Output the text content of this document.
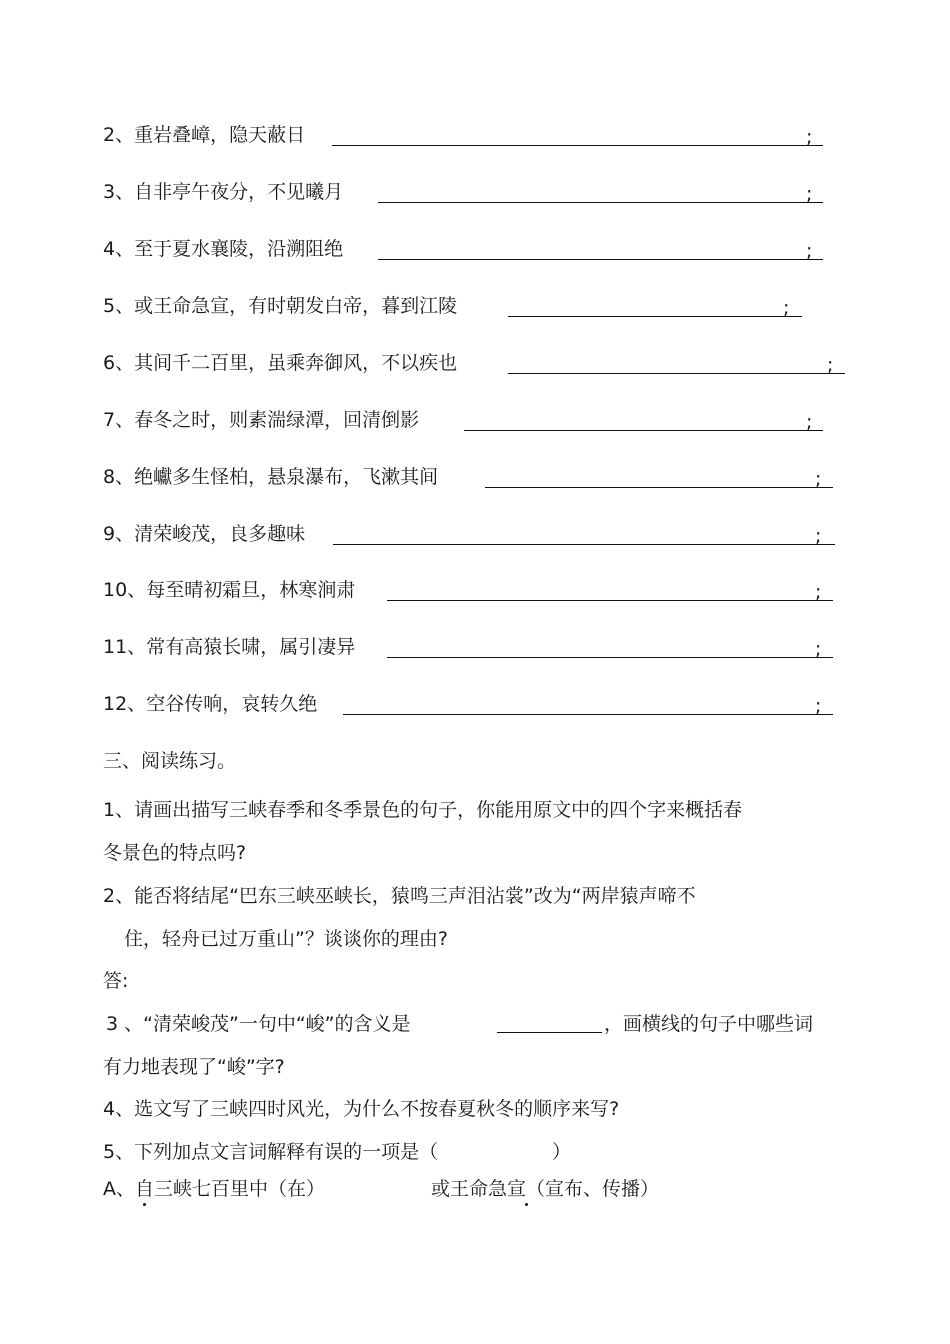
2、重岩叠嶂，隐天蔽日	;
3、自非亭午夜分，不见曦月	;
4、至于夏水襄陵，沿溯阻绝	;
5、或王命急宣，有时朝发白帝，暮到江陵	;
6、其间千二百里，虽乘奔御风，不以疾也	;
7、春冬之时，则素湍绿潭，回清倒影	;
8、绝巘多生怪柏，悬泉瀑布，飞漱其间	;
9、清荣峻茂，良多趣味	;
10、每至晴初霜旦，林寒涧肃	;
11、常有高猿长啸，属引凄异	;
12、空谷传响，哀转久绝	;
三、阅读练习。
1、请画出描写三峡春季和冬季景色的句子，你能用原文中的四个字来概括春
冬景色的特点吗?
2、能否将结尾“巴东三峡巫峡长，猿鸣三声泪沾裳”改为“两岸猿声啼不
住，轻舟已过万重山”？谈谈你的理由?
答:
3 、“清荣峻茂”一句中“峻”的含义是	，画横线的句子中哪些词
有力地表现了“峻”字?
4、选文写了三峡四时风光，为什么不按春夏秋冬的顺序来写?
5、下列加点文言词解释有误的一项是（	）
A、 自三峡七百里中（在）	或王命急宣（宣布、传播）
